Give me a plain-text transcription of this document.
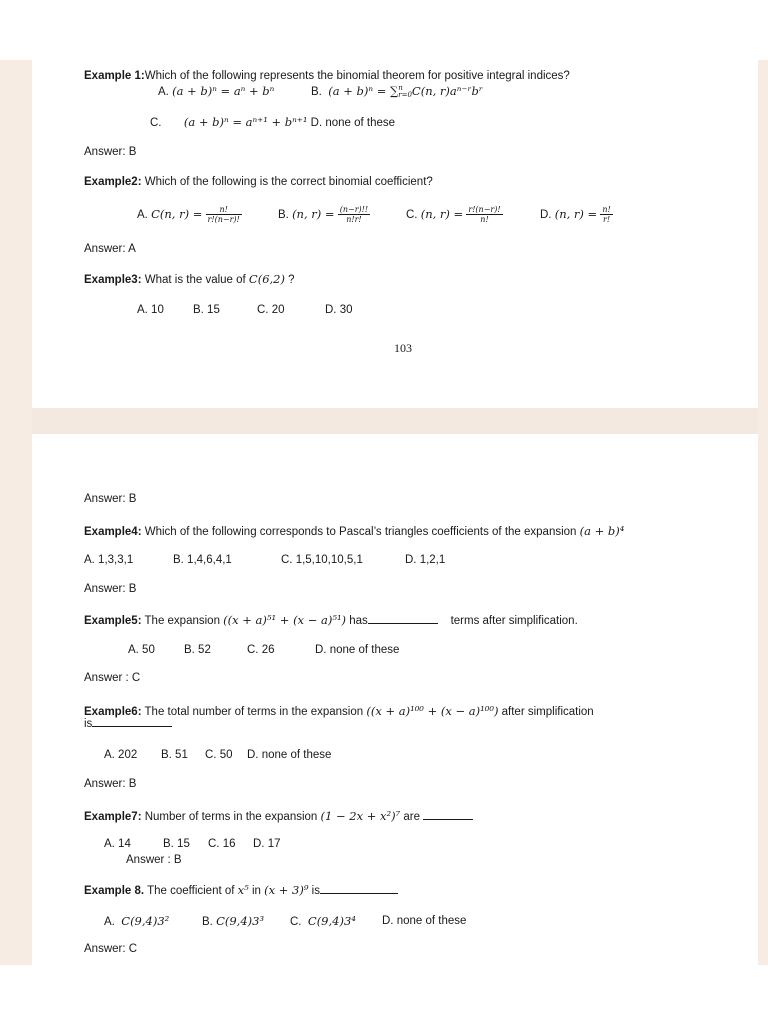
Example 1:Which of the following represents the binomial theorem for positive integral indices?
A. (a + b)ⁿ = aⁿ + bⁿ	B. (a + b)ⁿ = ∑ n
r=0 C(n, r)aⁿ⁻ʳbʳ
C. (a + b)ⁿ = aⁿ⁺¹ + bⁿ⁺¹ D. none of these
Answer: B
Example2: Which of the following is the correct binomial coefficient?
A. C(n, $r) = \frac{n!}{r!(n-r)!}$	B. (n, $r) = \frac{(n-r)!!}{n!r!}$	C. (n, $r) = \frac{r!(n-r)!}{n!}$	D. (n, $r) = \frac{n!}{r!}$
Answer: A
Example3: What is the value of C(6,2) ?
A. 10	B. 15	C. 20	D. 30
103
Answer: B
Example4: Which of the following corresponds to Pascal’s triangles coefficients of the expansion (a + b)⁴
A. 1,3,3,1	B. 1,4,6,4,1	C. 1,5,10,10,5,1	D. 1,2,1
Answer: B
Example5: The expansion ((x + a)⁵¹ + (x − a)⁵¹) has	terms after simplification.
A. 50	B. 52	C. 26	D. none of these
Answer : C
Example6: The total number of terms in the expansion ((x + a)¹⁰⁰ + (x − a)¹⁰⁰) after simplification
is
A. 202 B. 51 C. 50 D. none of these
Answer: B
Example7: Number of terms in the expansion (1 − 2x + x²)⁷ are
A. 14	B. 15 C. 16 D. 17
Answer : B
Example 8. The coefficient of x⁵ in (x + 3)⁹ is
A. C(9,4)3²	B. C(9,4)3³ C. C(9,4)3⁴ D. none of these
Answer: C
